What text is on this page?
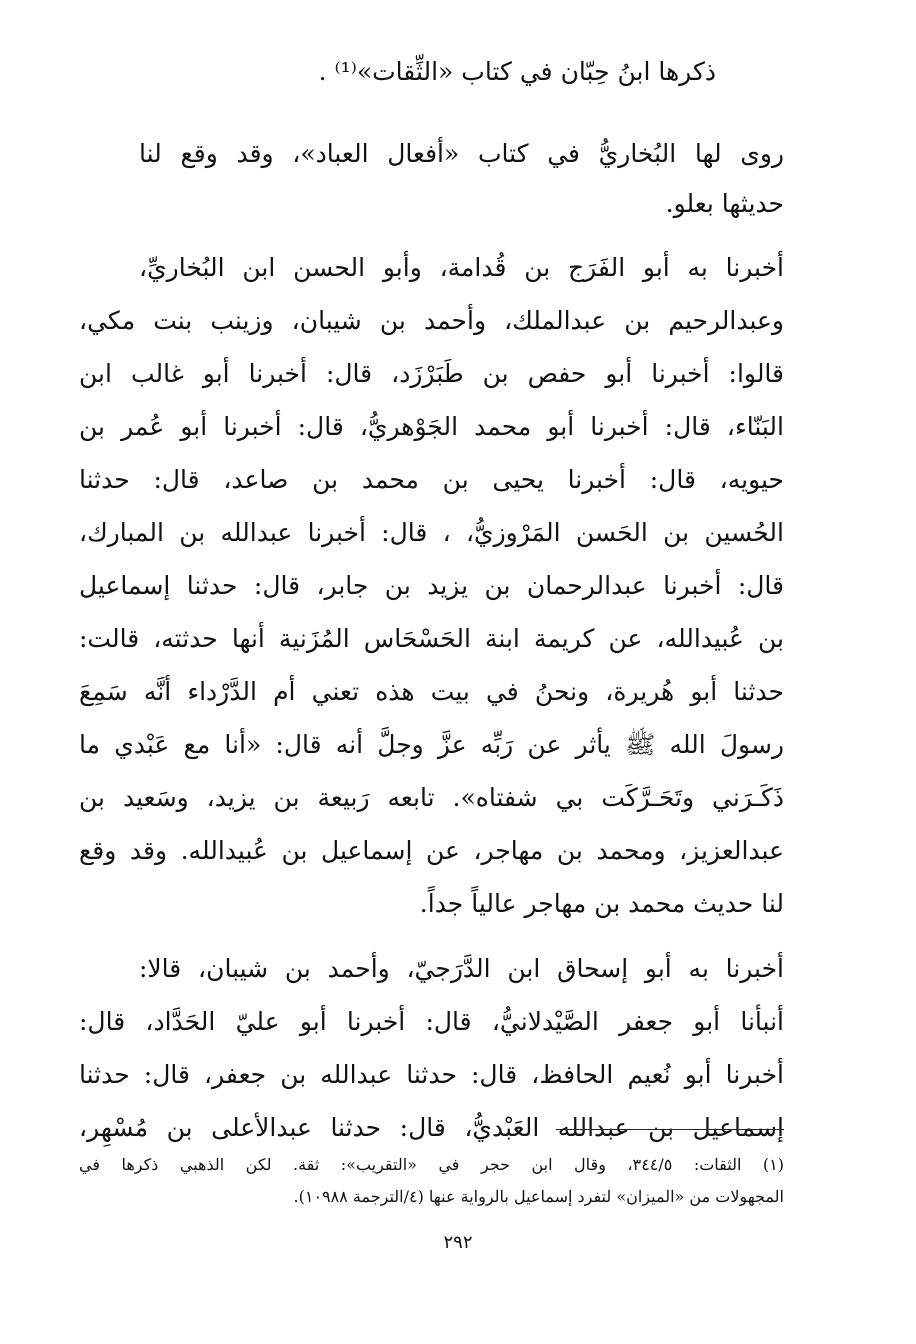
ذكرها ابنُ حِبّان في كتاب «الثِّقات»⁽¹⁾ .
روى لها البُخاريُّ في كتاب «أفعال العباد»، وقد وقع لنا
حديثها بعلو.
أخبرنا به أبو الفَرَج بن قُدامة، وأبو الحسن ابن البُخاريِّ،
وعبدالرحيم بن عبدالملك، وأحمد بن شيبان، وزينب بنت مكي،
قالوا: أخبرنا أبو حفص بن طَبَرْزَد، قال: أخبرنا أبو غالب ابن
البَنّاء، قال: أخبرنا أبو محمد الجَوْهريُّ، قال: أخبرنا أبو عُمر بن
حيويه، قال: أخبرنا يحيى بن محمد بن صاعد، قال: حدثنا
الحُسين بن الحَسن المَرْوزيُّ، ، قال: أخبرنا عبدالله بن المبارك،
قال: أخبرنا عبدالرحمان بن يزيد بن جابر، قال: حدثنا إسماعيل
بن عُبيدالله، عن كريمة ابنة الحَسْحَاس المُزَنية أنها حدثته، قالت:
حدثنا أبو هُريرة، ونحنُ في بيت هذه تعني أم الدَّرْداء أنَّه سَمِعَ
رسولَ الله ﷺ يأثر عن رَبِّه عزَّ وجلَّ أنه قال: «أنا مع عَبْدي ما
ذَكَـرَني وتَحَـرَّكَت بي شفتاه». تابعه رَبيعة بن يزيد، وسَعيد بن
عبدالعزيز، ومحمد بن مهاجر، عن إسماعيل بن عُبيدالله. وقد وقع
لنا حديث محمد بن مهاجر عالياً جداً.
أخبرنا به أبو إسحاق ابن الدَّرَجيّ، وأحمد بن شيبان، قالا:
أنبأنا أبو جعفر الصَّيْدلانيُّ، قال: أخبرنا أبو عليّ الحَدَّاد، قال:
أخبرنا أبو نُعيم الحافظ، قال: حدثنا عبدالله بن جعفر، قال: حدثنا
إسماعيل بن عبدالله العَبْديُّ، قال: حدثنا عبدالأعلى بن مُسْهِر،
(١) الثقات: ٣٤٤/٥، وقال ابن حجر في «التقريب»: ثقة. لكن الذهبي ذكرها في
المجهولات من «الميزان» لتفرد إسماعيل بالرواية عنها (٤/الترجمة ١٠٩٨٨).
٢٩٢
